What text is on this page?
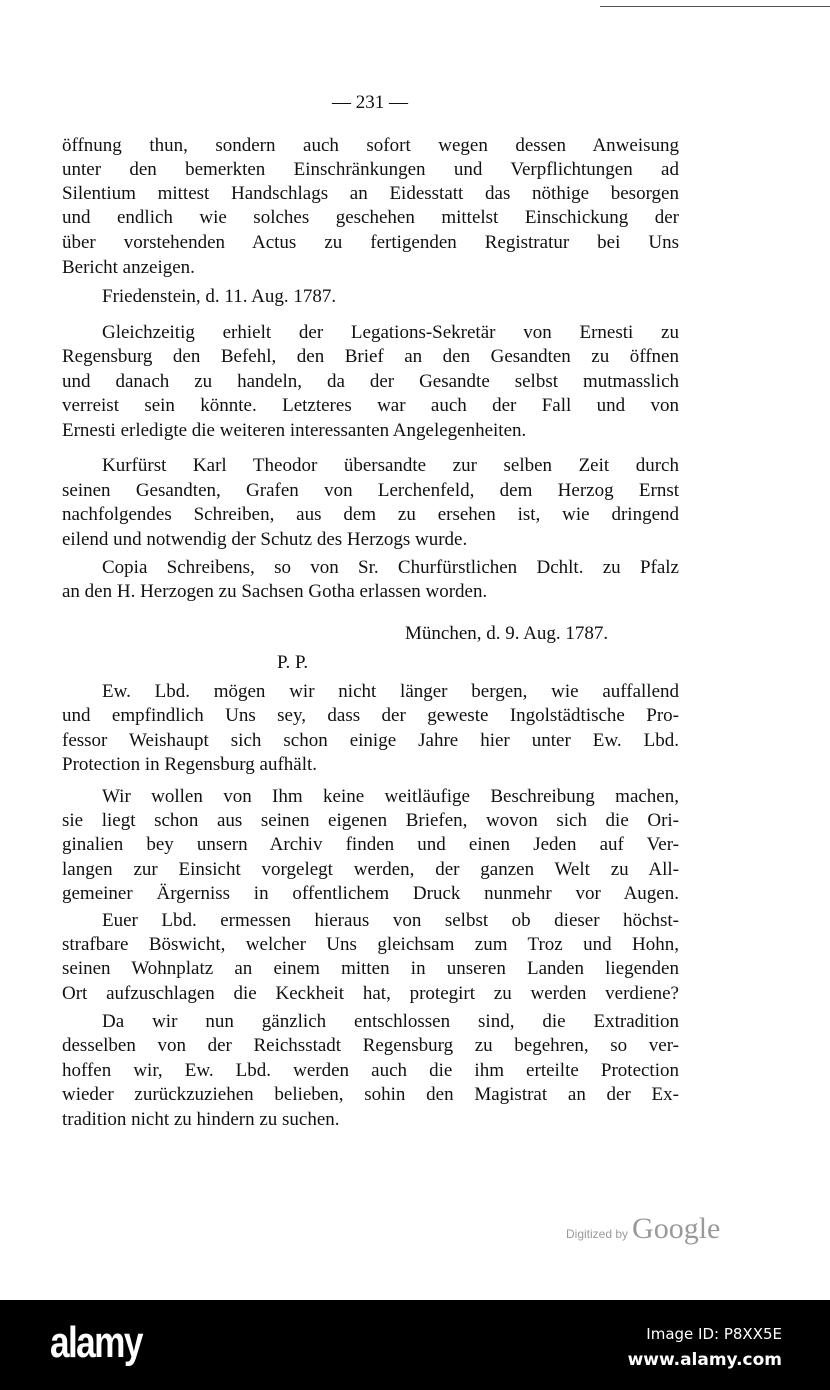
— 231 —
öffnung thun, sondern auch sofort wegen dessen Anweisung
unter den bemerkten Einschränkungen und Verpflichtungen ad
Silentium mittest Handschlags an Eidesstatt das nöthige besorgen
und endlich wie solches geschehen mittelst Einschickung der
über vorstehenden Actus zu fertigenden Registratur bei Uns
Bericht anzeigen.
Friedenstein, d. 11. Aug. 1787.
Gleichzeitig erhielt der Legations-Sekretär von Ernesti zu
Regensburg den Befehl, den Brief an den Gesandten zu öffnen
und danach zu handeln, da der Gesandte selbst mutmasslich
verreist sein könnte. Letzteres war auch der Fall und von
Ernesti erledigte die weiteren interessanten Angelegenheiten.
Kurfürst Karl Theodor übersandte zur selben Zeit durch
seinen Gesandten, Grafen von Lerchenfeld, dem Herzog Ernst
nachfolgendes Schreiben, aus dem zu ersehen ist, wie dringend
eilend und notwendig der Schutz des Herzogs wurde.
Copia Schreibens, so von Sr. Churfürstlichen Dchlt. zu Pfalz
an den H. Herzogen zu Sachsen Gotha erlassen worden.
München, d. 9. Aug. 1787.
P. P.
Ew. Lbd. mögen wir nicht länger bergen, wie auffallend
und empfindlich Uns sey, dass der geweste Ingolstädtische Pro-
fessor Weishaupt sich schon einige Jahre hier unter Ew. Lbd.
Protection in Regensburg aufhält.
Wir wollen von Ihm keine weitläufige Beschreibung machen,
sie liegt schon aus seinen eigenen Briefen, wovon sich die Ori-
ginalien bey unsern Archiv finden und einen Jeden auf Ver-
langen zur Einsicht vorgelegt werden, der ganzen Welt zu All-
gemeiner Ärgerniss in offentlichem Druck nunmehr vor Augen.
Euer Lbd. ermessen hieraus von selbst ob dieser höchst-
strafbare Böswicht, welcher Uns gleichsam zum Troz und Hohn,
seinen Wohnplatz an einem mitten in unseren Landen liegenden
Ort aufzuschlagen die Keckheit hat, protegirt zu werden verdiene?
Da wir nun gänzlich entschlossen sind, die Extradition
desselben von der Reichsstadt Regensburg zu begehren, so ver-
hoffen wir, Ew. Lbd. werden auch die ihm erteilte Protection
wieder zurückzuziehen belieben, sohin den Magistrat an der Ex-
tradition nicht zu hindern zu suchen.
Digitized by Google
alamy	Image ID: P8XX5E
www.alamy.com
